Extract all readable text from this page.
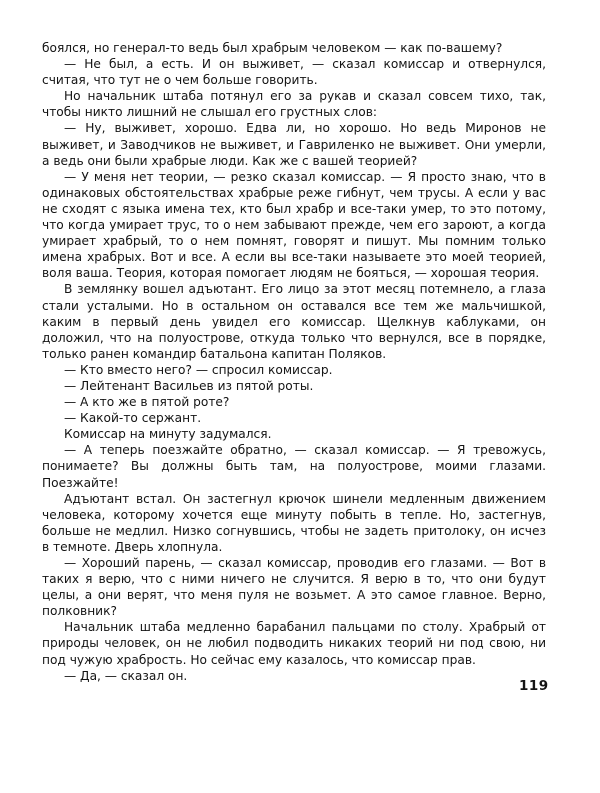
боялся, но генерал-то ведь был храбрым человеком — как по-вашему?

— Не был, а есть. И он выживет, — сказал комиссар и отвернулся, считая, что тут не о чем больше говорить.

Но начальник штаба потянул его за рукав и сказал совсем тихо, так, чтобы никто лишний не слышал его грустных слов:

— Ну, выживет, хорошо. Едва ли, но хорошо. Но ведь Миронов не выживет, и Заводчиков не выживет, и Гавриленко не выживет. Они умерли, а ведь они были храбрые люди. Как же с вашей теорией?

— У меня нет теории, — резко сказал комиссар. — Я просто знаю, что в одинаковых обстоятельствах храбрые реже гибнут, чем трусы. А если у вас не сходят с языка имена тех, кто был храбр и все-таки умер, то это потому, что когда умирает трус, то о нем забывают прежде, чем его зароют, а когда умирает храбрый, то о нем помнят, говорят и пишут. Мы помним только имена храбрых. Вот и все. А если вы все-таки называете это моей теорией, воля ваша. Теория, которая помогает людям не бояться, — хорошая теория.

В землянку вошел адъютант. Его лицо за этот месяц потемнело, а глаза стали усталыми. Но в остальном он оставался все тем же мальчишкой, каким в первый день увидел его комиссар. Щелкнув каблуками, он доложил, что на полуострове, откуда только что вернулся, все в порядке, только ранен командир батальона капитан Поляков.

— Кто вместо него? — спросил комиссар.

— Лейтенант Васильев из пятой роты.

— А кто же в пятой роте?

— Какой-то сержант.

Комиссар на минуту задумался.

— А теперь поезжайте обратно, — сказал комиссар. — Я тревожусь, понимаете? Вы должны быть там, на полуострове, моими глазами. Поезжайте!

Адъютант встал. Он застегнул крючок шинели медленным движением человека, которому хочется еще минуту побыть в тепле. Но, застегнув, больше не медлил. Низко согнувшись, чтобы не задеть притолоку, он исчез в темноте. Дверь хлопнула.

— Хороший парень, — сказал комиссар, проводив его глазами. — Вот в таких я верю, что с ними ничего не случится. Я верю в то, что они будут целы, а они верят, что меня пуля не возьмет. А это самое главное. Верно, полковник?

Начальник штаба медленно барабанил пальцами по столу. Храбрый от природы человек, он не любил подводить никаких теорий ни под свою, ни под чужую храбрость. Но сейчас ему казалось, что комиссар прав.

— Да, — сказал он.

119
